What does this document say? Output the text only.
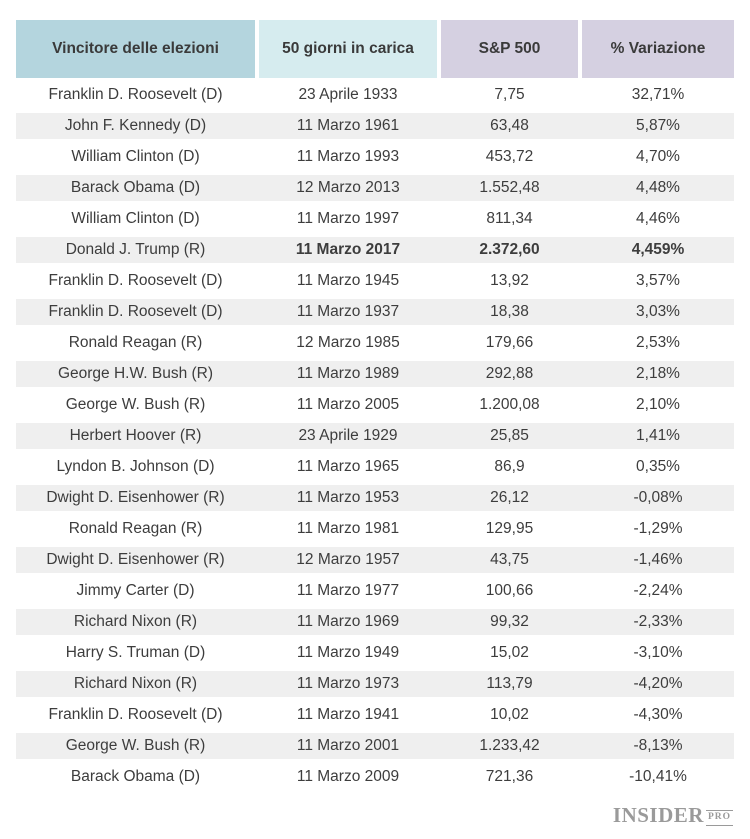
Vincitore delle elezioni	50 giorni in carica	S&P 500	% Variazione
Franklin D. Roosevelt (D)	23 Aprile 1933	7,75	32,71%
John F. Kennedy (D)	11 Marzo 1961	63,48	5,87%
William Clinton (D)	11 Marzo 1993	453,72	4,70%
Barack Obama (D)	12 Marzo 2013	1.552,48	4,48%
William Clinton (D)	11 Marzo 1997	811,34	4,46%
Donald J. Trump (R)	11 Marzo 2017	2.372,60	4,459%
Franklin D. Roosevelt (D)	11 Marzo 1945	13,92	3,57%
Franklin D. Roosevelt (D)	11 Marzo 1937	18,38	3,03%
Ronald Reagan (R)	12 Marzo 1985	179,66	2,53%
George H.W. Bush (R)	11 Marzo 1989	292,88	2,18%
George W. Bush (R)	11 Marzo 2005	1.200,08	2,10%
Herbert Hoover (R)	23 Aprile 1929	25,85	1,41%
Lyndon B. Johnson (D)	11 Marzo 1965	86,9	0,35%
Dwight D. Eisenhower (R)	11 Marzo 1953	26,12	-0,08%
Ronald Reagan (R)	11 Marzo 1981	129,95	-1,29%
Dwight D. Eisenhower (R)	12 Marzo 1957	43,75	-1,46%
Jimmy Carter (D)	11 Marzo 1977	100,66	-2,24%
Richard Nixon (R)	11 Marzo 1969	99,32	-2,33%
Harry S. Truman (D)	11 Marzo 1949	15,02	-3,10%
Richard Nixon (R)	11 Marzo 1973	113,79	-4,20%
Franklin D. Roosevelt (D)	11 Marzo 1941	10,02	-4,30%
George W. Bush (R)	11 Marzo 2001	1.233,42	-8,13%
Barack Obama (D)	11 Marzo 2009	721,36	-10,41%
INSIDER PRO
